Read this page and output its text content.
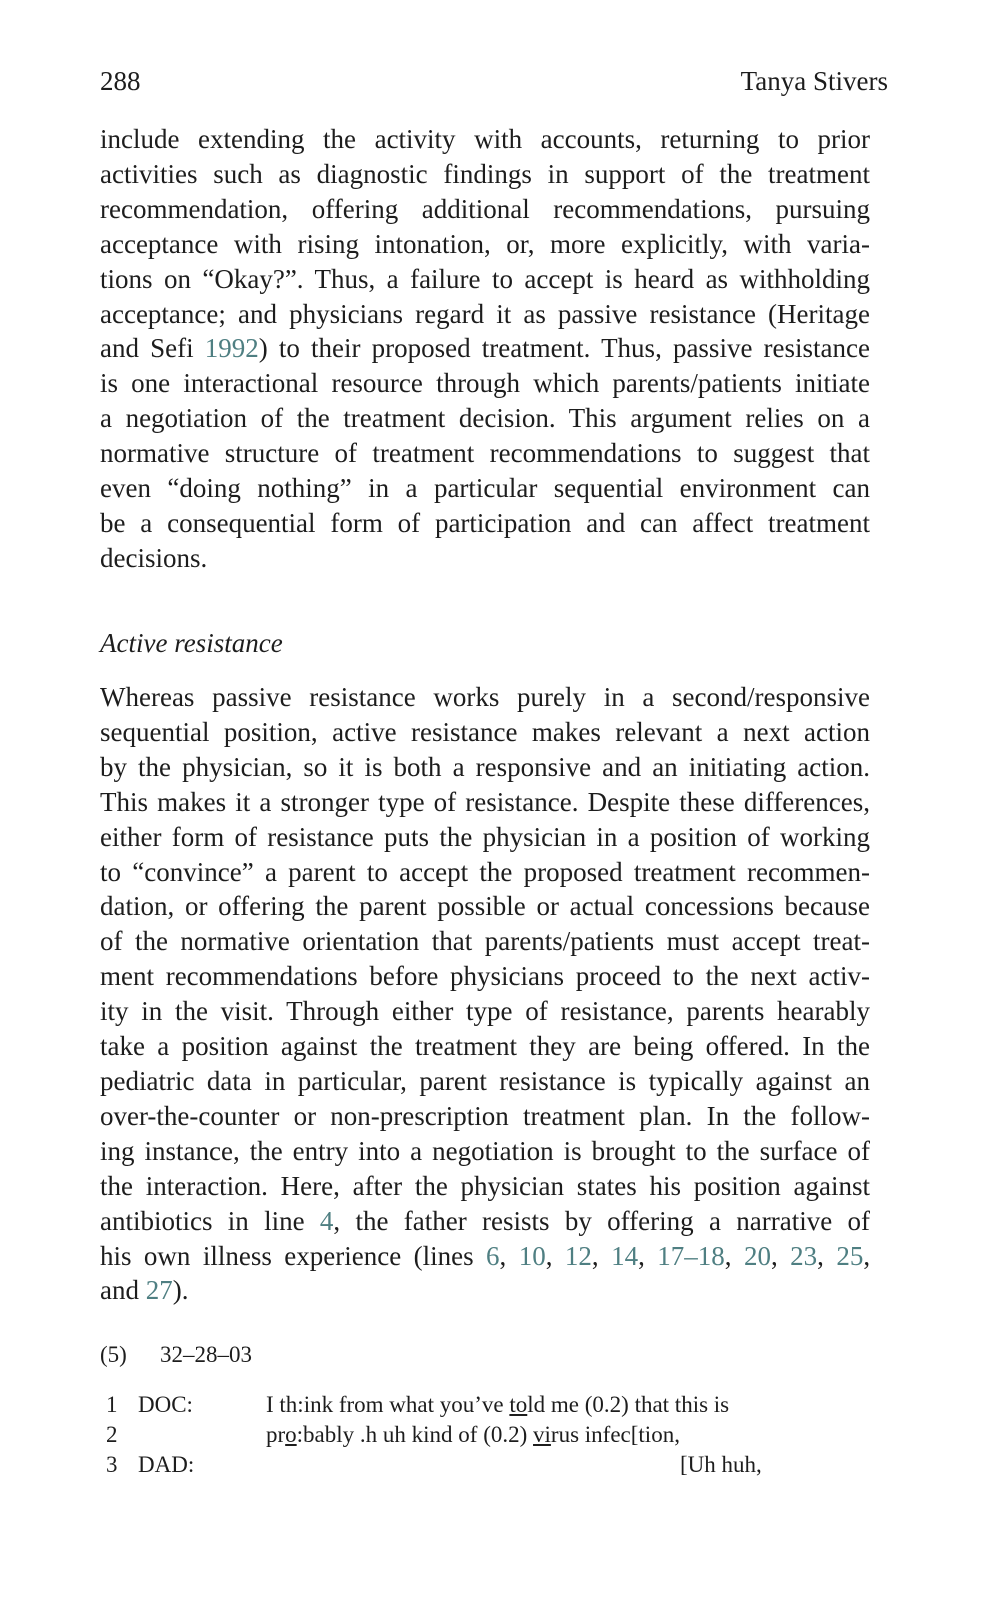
288	Tanya Stivers
include extending the activity with accounts, returning to prior
activities such as diagnostic findings in support of the treatment
recommendation, offering additional recommendations, pursuing
acceptance with rising intonation, or, more explicitly, with varia-
tions on “Okay?”. Thus, a failure to accept is heard as withholding
acceptance; and physicians regard it as passive resistance (Heritage
and Sefi 1992) to their proposed treatment. Thus, passive resistance
is one interactional resource through which parents/patients initiate
a negotiation of the treatment decision. This argument relies on a
normative structure of treatment recommendations to suggest that
even “doing nothing” in a particular sequential environment can
be a consequential form of participation and can affect treatment
decisions.
Active resistance
Whereas passive resistance works purely in a second/responsive
sequential position, active resistance makes relevant a next action
by the physician, so it is both a responsive and an initiating action.
This makes it a stronger type of resistance. Despite these differences,
either form of resistance puts the physician in a position of working
to “convince” a parent to accept the proposed treatment recommen-
dation, or offering the parent possible or actual concessions because
of the normative orientation that parents/patients must accept treat-
ment recommendations before physicians proceed to the next activ-
ity in the visit. Through either type of resistance, parents hearably
take a position against the treatment they are being offered. In the
pediatric data in particular, parent resistance is typically against an
over-the-counter or non-prescription treatment plan. In the follow-
ing instance, the entry into a negotiation is brought to the surface of
the interaction. Here, after the physician states his position against
antibiotics in line 4, the father resists by offering a narrative of
his own illness experience (lines 6, 10, 12, 14, 17–18, 20, 23, 25,
and 27).
(5) 32–28–03
1 DOC:	I th:ink from what you’ve told me (0.2) that this is
2	pro:bably .h uh kind of (0.2) virus infec[tion,
3 DAD:	[Uh huh,
